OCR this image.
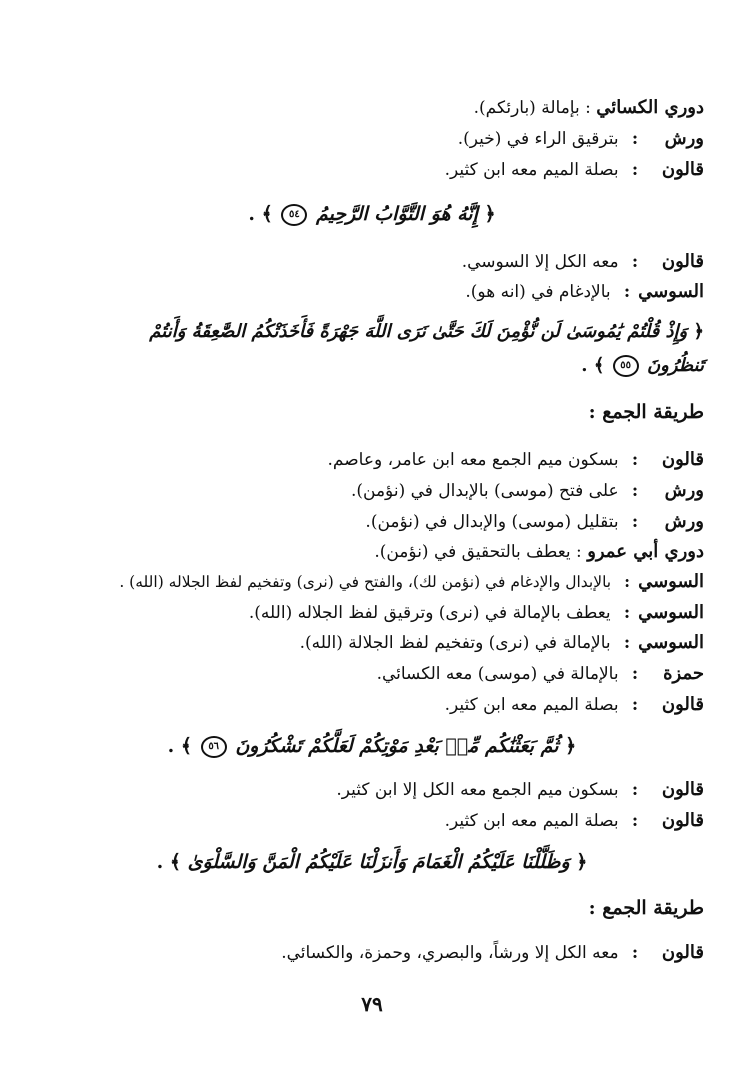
دوري الكسائي : بإمالة (بارئكم).
ورش: بترقيق الراء في (خير).
قالون: بصلة الميم معه ابن كثير.
﴿ إِنَّهُ هُوَ التَّوَّابُ الرَّحِيمُ ٥٤ ﴾ .
قالون: معه الكل إلا السوسي.
السوسي: بالإدغام في (انه هو).
﴿ وَإِذْ قُلْتُمْ يَٰمُوسَىٰ لَن نُّؤْمِنَ لَكَ حَتَّىٰ نَرَى اللَّهَ جَهْرَةً فَأَخَذَتْكُمُ الصَّٰعِقَةُ وَأَنتُمْ
تَنظُرُونَ ٥٥ ﴾ .
طريقة الجمع :
قالون: بسكون ميم الجمع معه ابن عامر، وعاصم.
ورش: على فتح (موسى) بالإبدال في (نؤمن).
ورش: بتقليل (موسى) والإبدال في (نؤمن).
دوري أبي عمرو : يعطف بالتحقيق في (نؤمن).
السوسي: بالإبدال والإدغام في (نؤمن لك)، والفتح في (نرى) وتفخيم لفظ الجلاله (الله) .
السوسي: يعطف بالإمالة في (نرى) وترقيق لفظ الجلاله (الله).
السوسي: بالإمالة في (نرى) وتفخيم لفظ الجلالة (الله).
حمزة: بالإمالة في (موسى) معه الكسائي.
قالون: بصلة الميم معه ابن كثير.
﴿ ثُمَّ بَعَثْنَٰكُم مِّنۢ بَعْدِ مَوْتِكُمْ لَعَلَّكُمْ تَشْكُرُونَ ٥٦ ﴾ .
قالون: بسكون ميم الجمع معه الكل إلا ابن كثير.
قالون: بصلة الميم معه ابن كثير.
﴿ وَظَلَّلْنَا عَلَيْكُمُ الْغَمَامَ وَأَنزَلْنَا عَلَيْكُمُ الْمَنَّ وَالسَّلْوَىٰ ﴾ .
طريقة الجمع :
قالون: معه الكل إلا ورشاً، والبصري، وحمزة، والكسائي.
٧٩
